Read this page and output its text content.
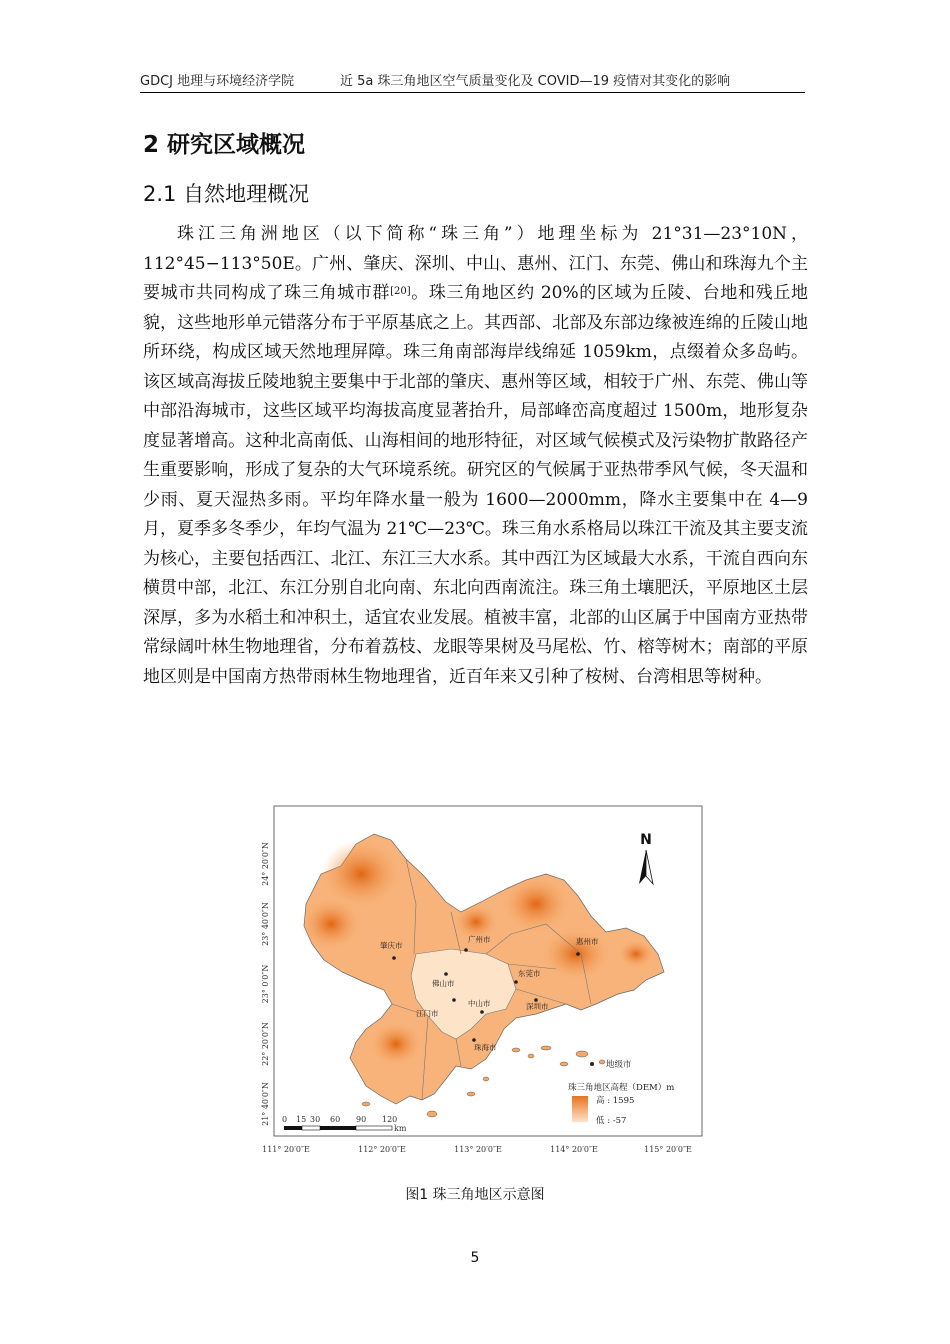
GDCJ 地理与环境经济学院	近 5a 珠三角地区空气质量变化及 COVID—19 疫情对其变化的影响
2 研究区域概况
2.1 自然地理概况
珠江三角洲地区（以下简称“珠三角”）地理坐标为 21°31—23°10N，112°45−113°50E。广州、肇庆、深圳、中山、惠州、江门、东莞、佛山和珠海九个主要城市共同构成了珠三角城市群[20]。珠三角地区约 20%的区域为丘陵、台地和残丘地貌，这些地形单元错落分布于平原基底之上。其西部、北部及东部边缘被连绵的丘陵山地所环绕，构成区域天然地理屏障。珠三角南部海岸线绵延 1059km，点缀着众多岛屿。该区域高海拔丘陵地貌主要集中于北部的肇庆、惠州等区域，相较于广州、东莞、佛山等中部沿海城市，这些区域平均海拔高度显著抬升，局部峰峦高度超过 1500m，地形复杂度显著增高。这种北高南低、山海相间的地形特征，对区域气候模式及污染物扩散路径产生重要影响，形成了复杂的大气环境系统。研究区的气候属于亚热带季风气候，冬天温和少雨、夏天湿热多雨。平均年降水量一般为 1600—2000mm，降水主要集中在 4—9 月，夏季多冬季少，年均气温为 21℃—23℃。珠三角水系格局以珠江干流及其主要支流为核心，主要包括西江、北江、东江三大水系。其中西江为区域最大水系，干流自西向东横贯中部，北江、东江分别自北向南、东北向西南流注。珠三角土壤肥沃，平原地区土层深厚，多为水稻土和冲积土，适宜农业发展。植被丰富，北部的山区属于中国南方亚热带常绿阔叶林生物地理省，分布着荔枝、龙眼等果树及马尾松、竹、榕等树木；南部的平原地区则是中国南方热带雨林生物地理省，近百年来又引种了桉树、台湾相思等树种。
24° 20′0″N
23° 40′0″N
23° 0′0″N
22° 20′0″N
21° 40′0″N
111° 20′0″E	112° 20′0″E	113° 20′0″E	114° 20′0″E	115° 20′0″E
肇庆市
广州市	惠州市
佛山市
东莞市
江门市
中山市	深圳市
珠海市
N
地级市
珠三角地区高程（DEM）m
高 : 1595
低 : -57
0 15 30 60 90 120
km
图1 珠三角地区示意图
5
